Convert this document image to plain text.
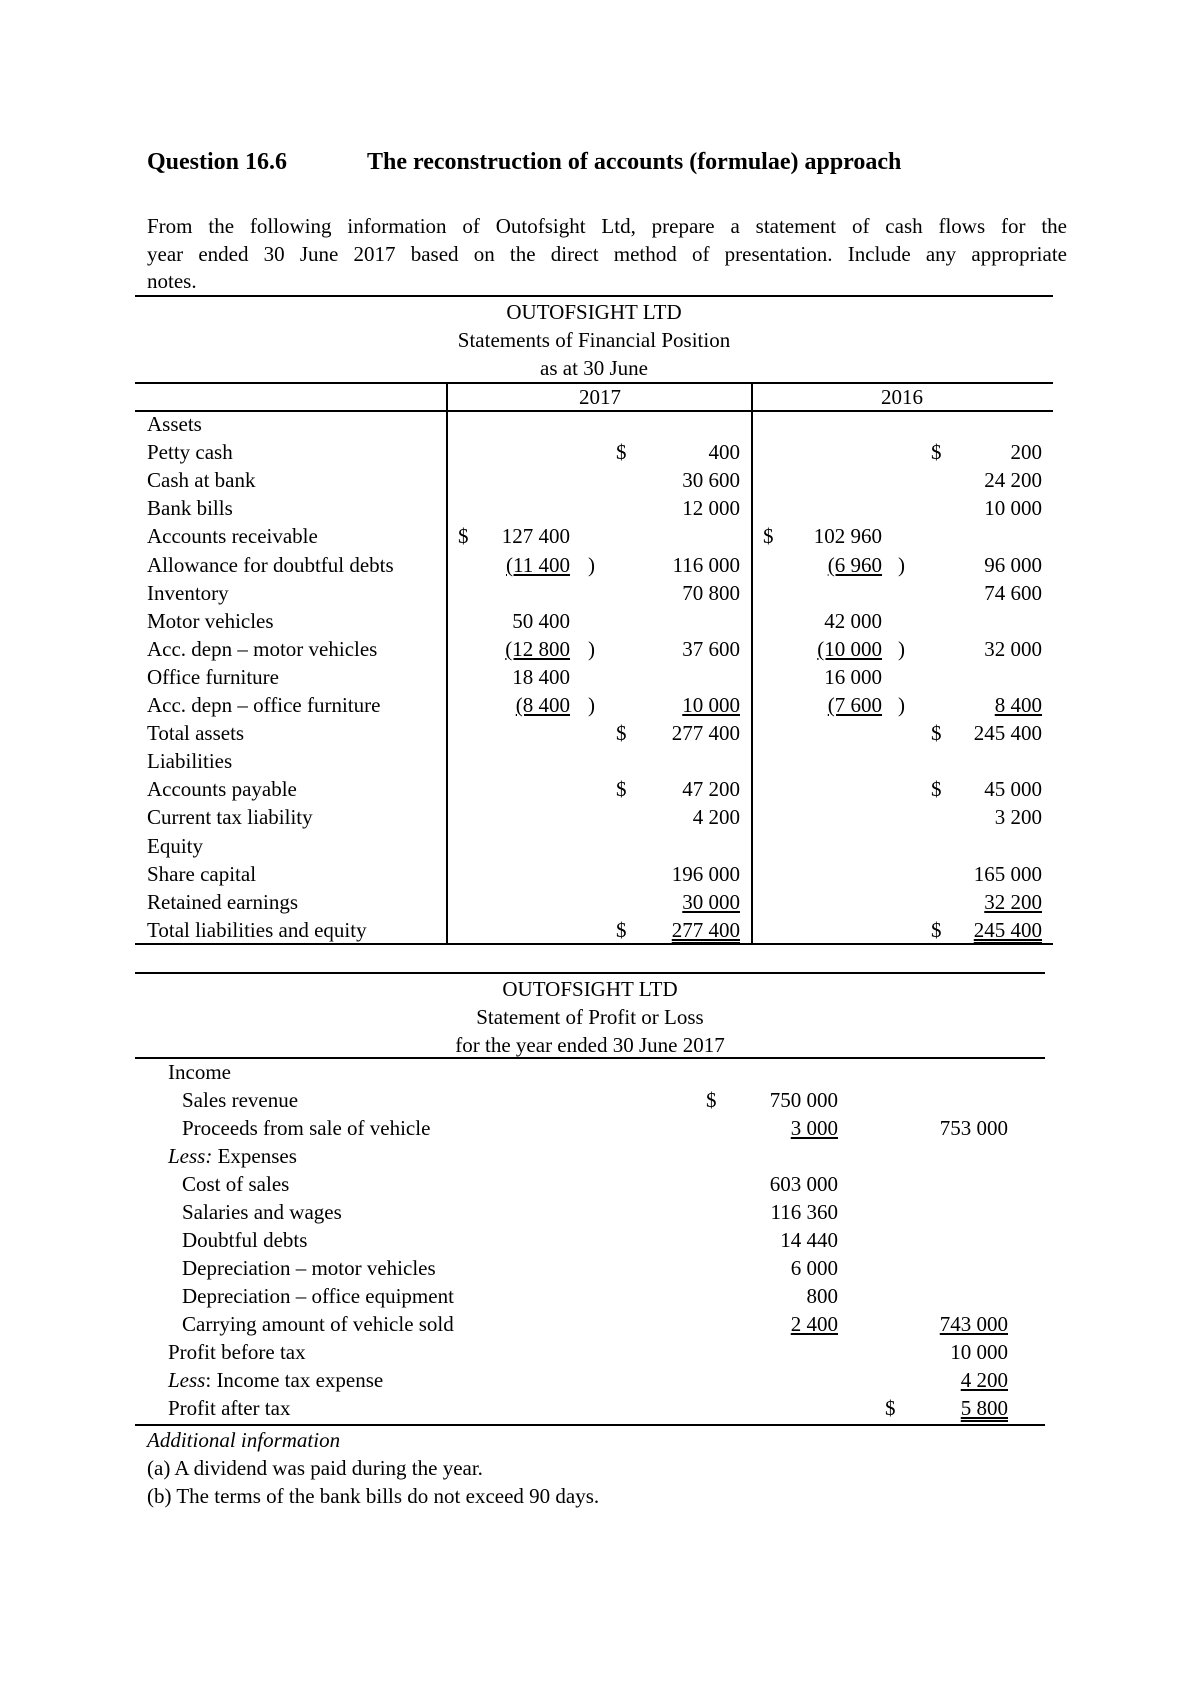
Question 16.6	The reconstruction of accounts (formulae) approach
From the following information of Outofsight Ltd, prepare a statement of cash flows for the
year ended 30 June 2017 based on the direct method of presentation. Include any appropriate
notes.
OUTOFSIGHT LTD
Statements of Financial Position
as at 30 June
2017	2016
Assets
Petty cash	$	400	$	200
Cash at bank	30 600	24 200
Bank bills	12 000	10 000
Accounts receivable	$	127 400	$	102 960
Allowance for doubtful debts	(11 400 )	116 000	(6 960 )	96 000
Inventory	70 800	74 600
Motor vehicles	50 400	42 000
Acc. depn – motor vehicles	(12 800 )	37 600	(10 000 )	32 000
Office furniture	18 400	16 000
Acc. depn – office furniture	(8 400 )	10 000	(7 600 )	8 400
Total assets	$	277 400	$	245 400
Liabilities
Accounts payable	$	47 200	$	45 000
Current tax liability	4 200	3 200
Equity
Share capital	196 000	165 000
Retained earnings	30 000	32 200
Total liabilities and equity	$	277 400	$	245 400
OUTOFSIGHT LTD
Statement of Profit or Loss
for the year ended 30 June 2017
Income
Sales revenue	$	750 000
Proceeds from sale of vehicle	3 000	753 000
Less: Expenses
Cost of sales	603 000
Salaries and wages	116 360
Doubtful debts	14 440
Depreciation – motor vehicles	6 000
Depreciation – office equipment	800
Carrying amount of vehicle sold	2 400	743 000
Profit before tax	10 000
Less: Income tax expense	4 200
Profit after tax	$	5 800
Additional information
(a) A dividend was paid during the year.
(b) The terms of the bank bills do not exceed 90 days.
